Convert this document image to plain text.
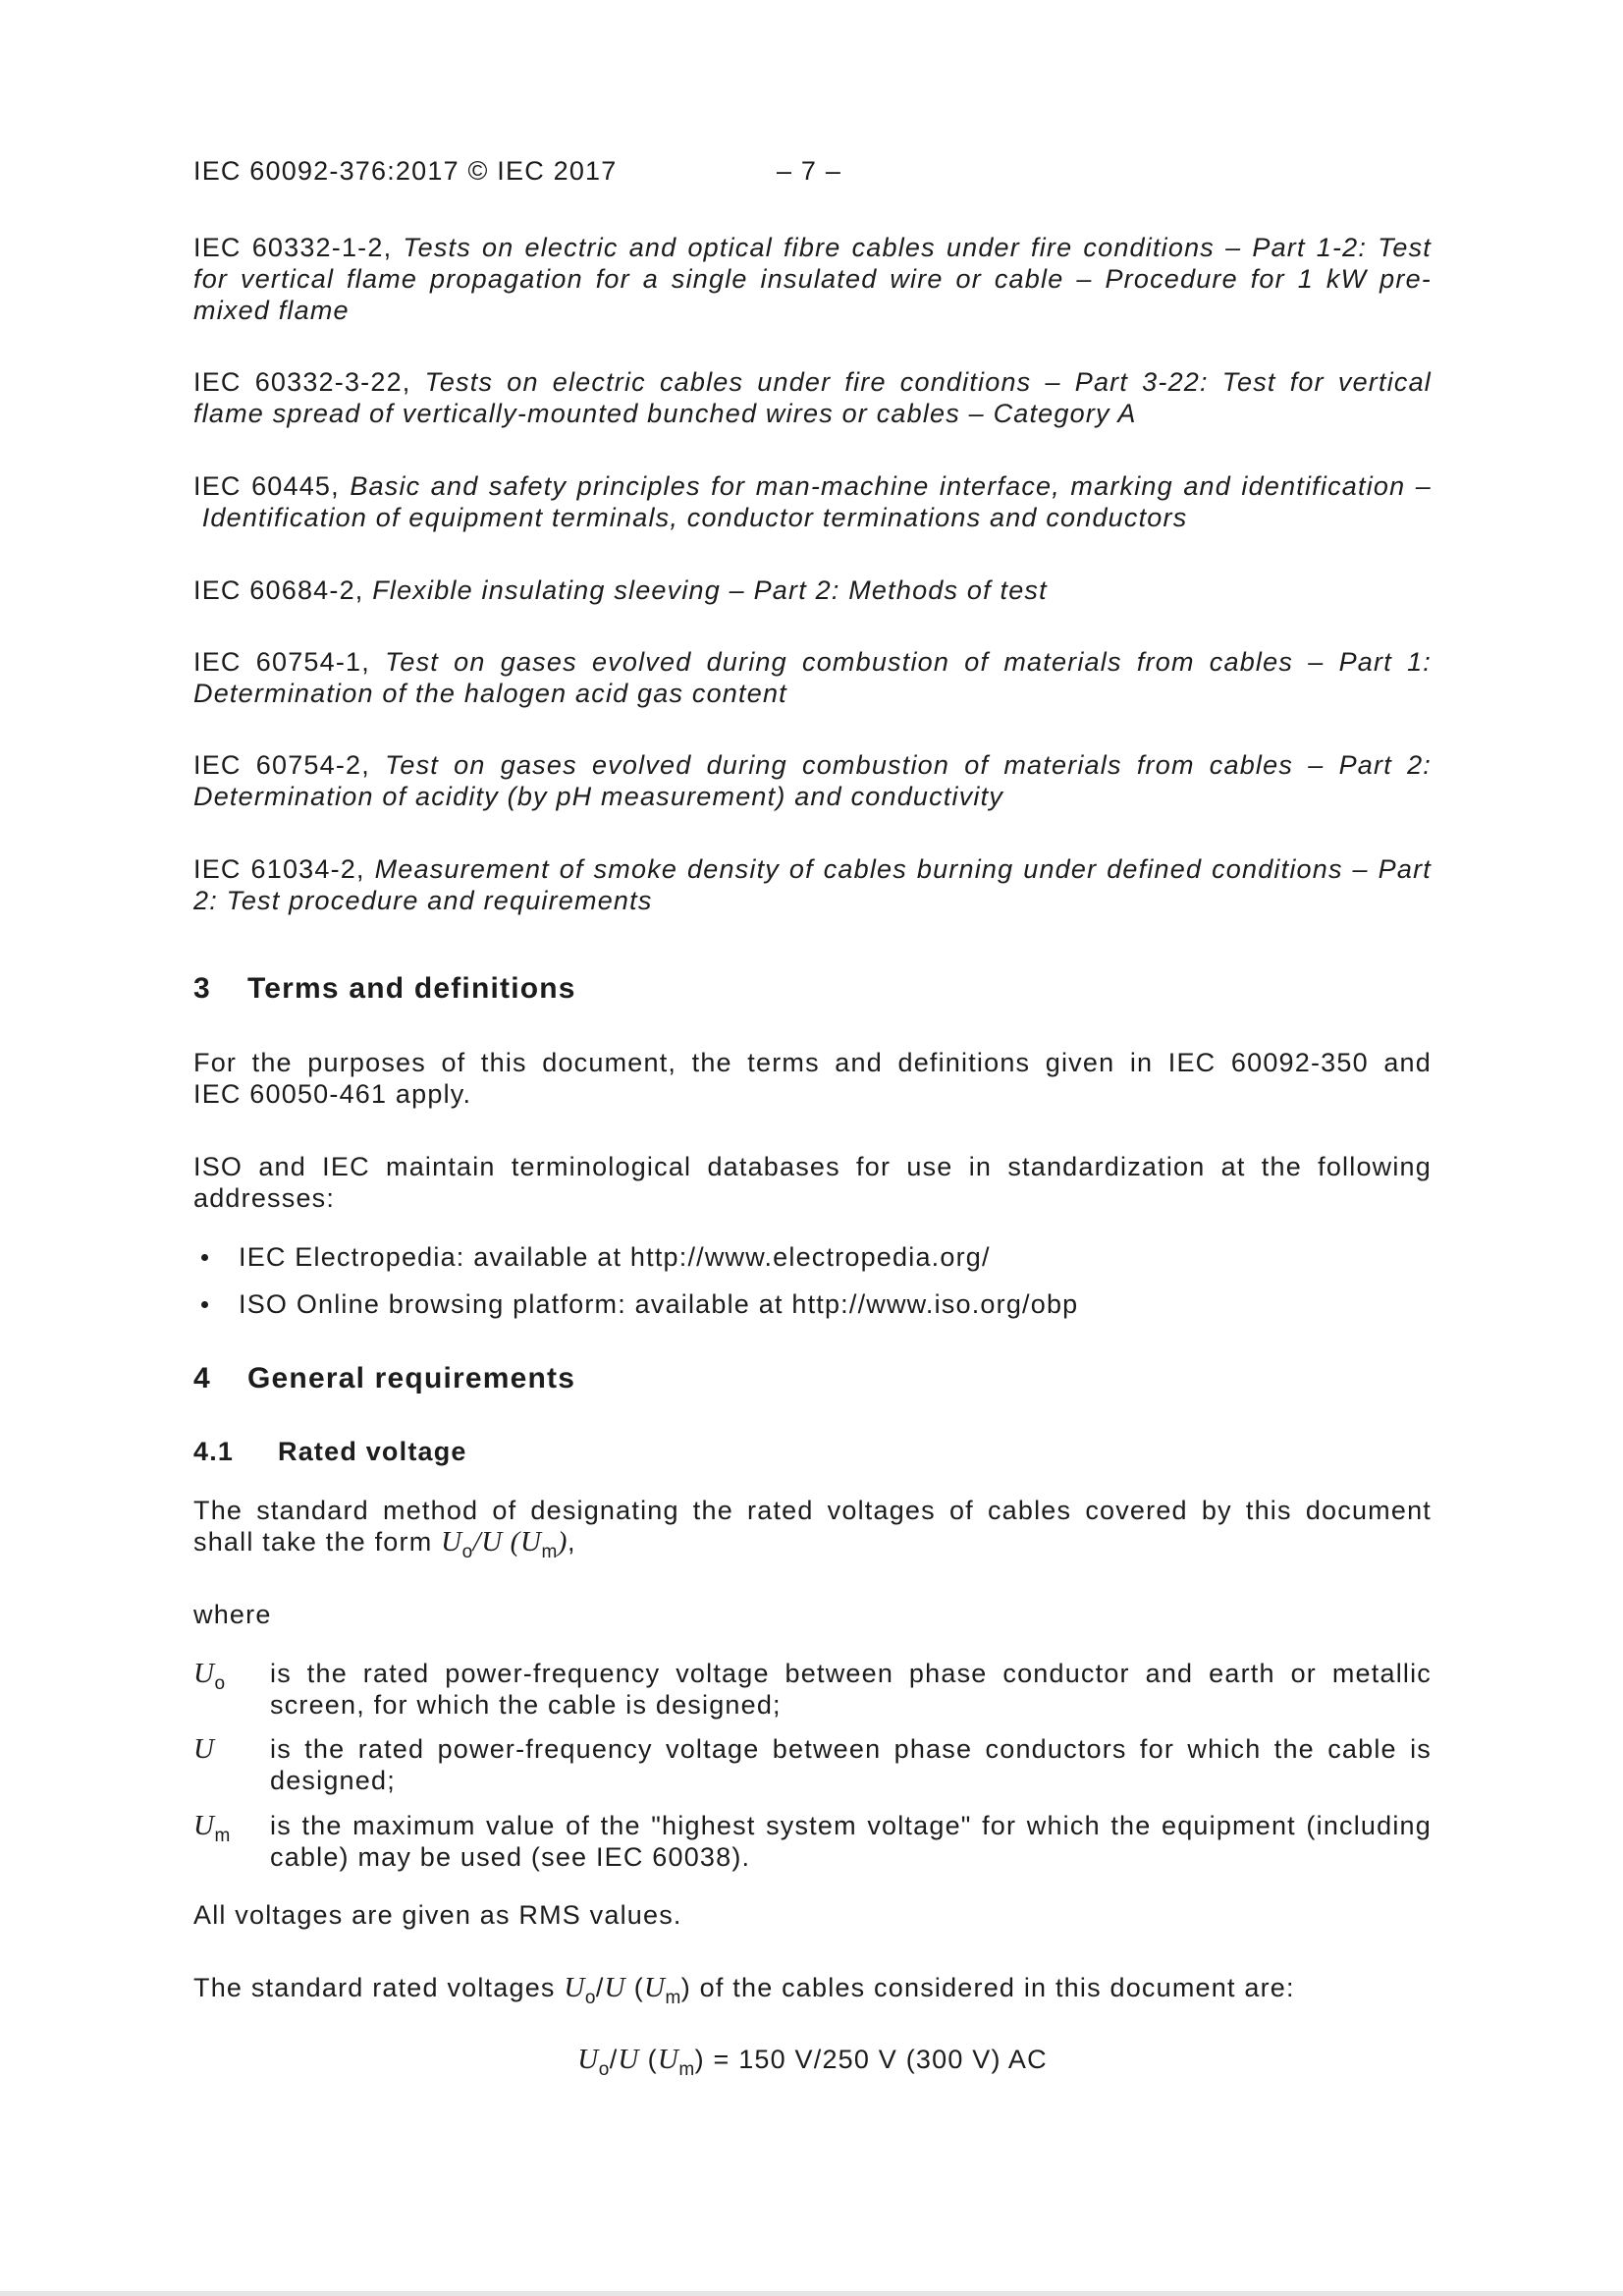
IEC 60092-376:2017 © IEC 2017	– 7 –

IEC 60332-1-2, Tests on electric and optical fibre cables under fire conditions – Part 1-2: Test for vertical flame propagation for a single insulated wire or cable – Procedure for 1 kW pre-mixed flame

IEC 60332-3-22, Tests on electric cables under fire conditions – Part 3-22: Test for vertical flame spread of vertically-mounted bunched wires or cables – Category A

IEC 60445, Basic and safety principles for man-machine interface, marking and identification – Identification of equipment terminals, conductor terminations and conductors

IEC 60684-2, Flexible insulating sleeving – Part 2: Methods of test

IEC 60754-1, Test on gases evolved during combustion of materials from cables – Part 1: Determination of the halogen acid gas content

IEC 60754-2, Test on gases evolved during combustion of materials from cables – Part 2: Determination of acidity (by pH measurement) and conductivity

IEC 61034-2, Measurement of smoke density of cables burning under defined conditions – Part 2: Test procedure and requirements

3 Terms and definitions

For the purposes of this document, the terms and definitions given in IEC 60092-350 and IEC 60050-461 apply.

ISO and IEC maintain terminological databases for use in standardization at the following addresses:

IEC Electropedia: available at http://www.electropedia.org/
ISO Online browsing platform: available at http://www.iso.org/obp
4 General requirements
4.1 Rated voltage

The standard method of designating the rated voltages of cables covered by this document shall take the form $U_o/U$ $(U_m)$,

where

$U_o$ is the rated power-frequency voltage between phase conductor and earth or metallic screen, for which the cable is designed;
U is the rated power-frequency voltage between phase conductors for which the cable is designed;
$U_m$ is the maximum value of the "highest system voltage" for which the equipment (including cable) may be used (see IEC 60038).

All voltages are given as RMS values.

The standard rated voltages $U_o/U$ $(U_m)$ of the cables considered in this document are:

$U_o/U$ $(U_m) = 150$ V/250 V (300 V) AC
